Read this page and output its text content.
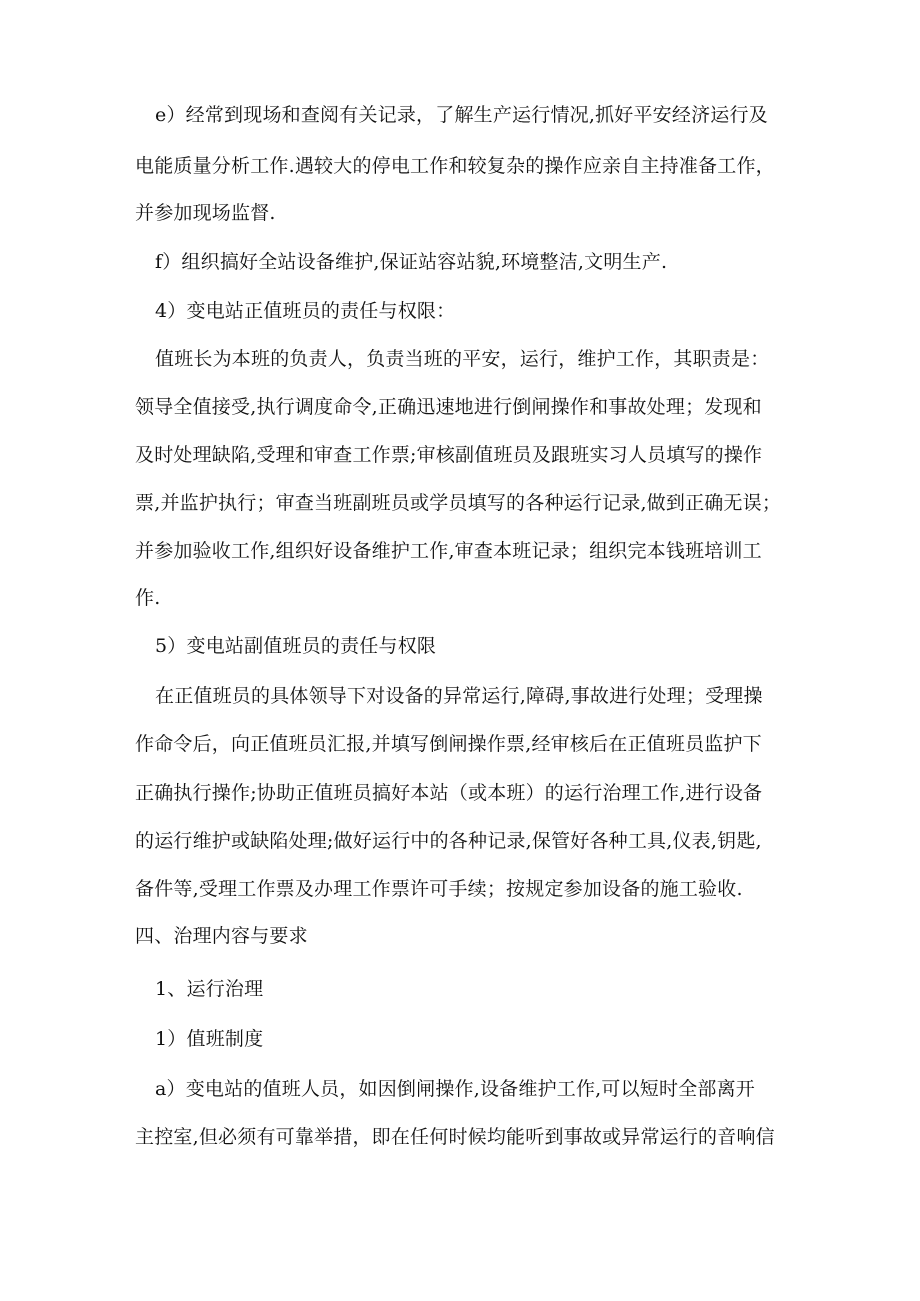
e）经常到现场和查阅有关记录，了解生产运行情况,抓好平安经济运行及
电能质量分析工作.遇较大的停电工作和较复杂的操作应亲自主持准备工作，
并参加现场监督.
f）组织搞好全站设备维护,保证站容站貌,环境整洁,文明生产.
4）变电站正值班员的责任与权限：
值班长为本班的负责人，负责当班的平安，运行，维护工作，其职责是：
领导全值接受,执行调度命令,正确迅速地进行倒闸操作和事故处理；发现和
及时处理缺陷,受理和审查工作票;审核副值班员及跟班实习人员填写的操作
票,并监护执行；审查当班副班员或学员填写的各种运行记录,做到正确无误；
并参加验收工作,组织好设备维护工作,审查本班记录；组织完本钱班培训工
作.
5）变电站副值班员的责任与权限
在正值班员的具体领导下对设备的异常运行,障碍,事故进行处理；受理操
作命令后，向正值班员汇报,并填写倒闸操作票,经审核后在正值班员监护下
正确执行操作;协助正值班员搞好本站（或本班）的运行治理工作,进行设备
的运行维护或缺陷处理;做好运行中的各种记录,保管好各种工具,仪表,钥匙,
备件等,受理工作票及办理工作票许可手续；按规定参加设备的施工验收.
四、治理内容与要求
1、运行治理
1）值班制度
a）变电站的值班人员，如因倒闸操作,设备维护工作,可以短时全部离开
主控室,但必须有可靠举措，即在任何时候均能听到事故或异常运行的音响信
